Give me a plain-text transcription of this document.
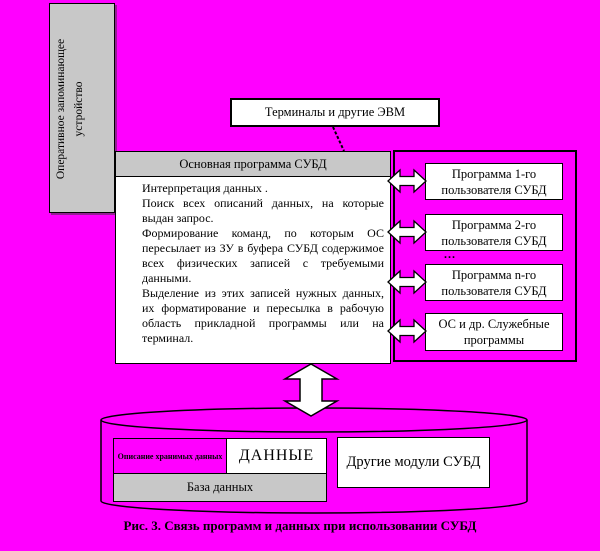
Оперативное запоминающее устройство	Терминалы и другие ЭВМ
Основная программа СУБД

Интерпретация данных .

Поиск всех описаний данных, на которые выдан запрос.

Формирование команд, по которым ОС пересылает из ЗУ в буфера СУБД содержимое всех физических записей с требуемыми данными.

Выделение из этих записей нужных данных, их форматирование и пересылка в рабочую область прикладной программы или на терминал.

Программа 1-го пользователя СУБД
Программа 2-го пользователя СУБД
...
Программа n-го пользователя СУБД
ОС и др. Служебные программы
Описание хранимых данных ДАННЫЕ
База данных
Другие модули СУБД
Рис. 3. Связь программ и данных при использовании СУБД
